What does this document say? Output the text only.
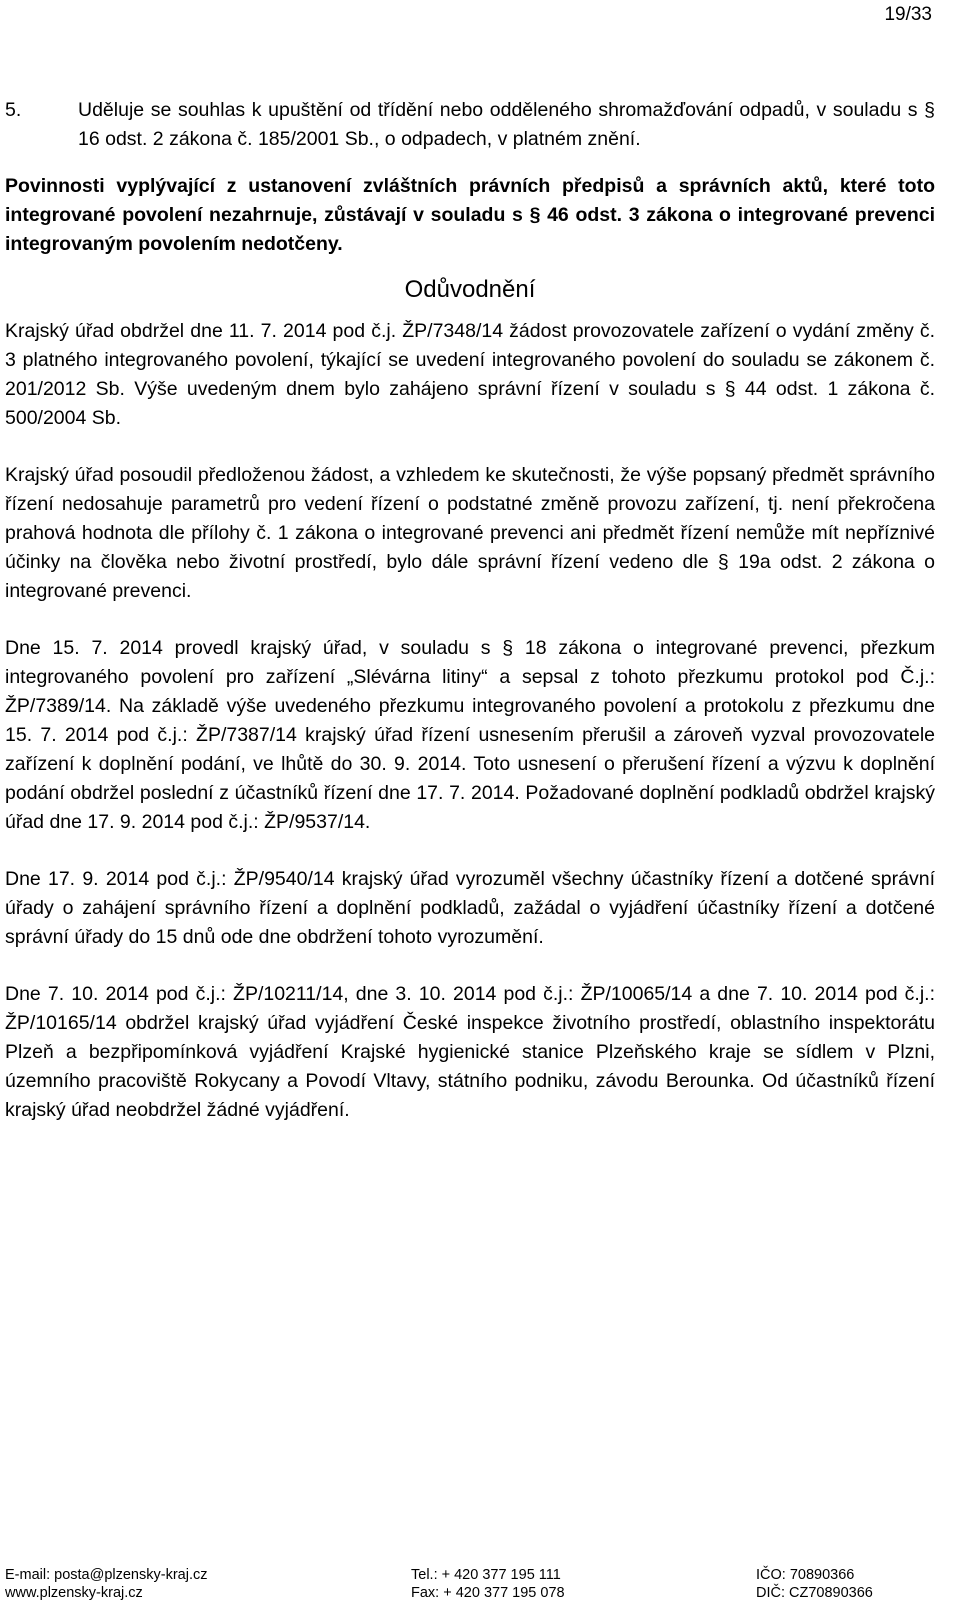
19/33
5.	Uděluje se souhlas k upuštění od třídění nebo odděleného shromažďování odpadů, v souladu s § 16 odst. 2 zákona č. 185/2001 Sb., o odpadech, v platném znění.

Povinnosti vyplývající z ustanovení zvláštních právních předpisů a správních aktů, které toto integrované povolení nezahrnuje, zůstávají v souladu s § 46 odst. 3 zákona o integrované prevenci integrovaným povolením nedotčeny.

Odůvodnění

Krajský úřad obdržel dne 11. 7. 2014 pod č.j. ŽP/7348/14 žádost provozovatele zařízení o vydání změny č. 3 platného integrovaného povolení, týkající se uvedení integrovaného povolení do souladu se zákonem č. 201/2012 Sb. Výše uvedeným dnem bylo zahájeno správní řízení v souladu s § 44 odst. 1 zákona č. 500/2004 Sb.

Krajský úřad posoudil předloženou žádost, a vzhledem ke skutečnosti, že výše popsaný předmět správního řízení nedosahuje parametrů pro vedení řízení o podstatné změně provozu zařízení, tj. není překročena prahová hodnota dle přílohy č. 1 zákona o integrované prevenci ani předmět řízení nemůže mít nepříznivé účinky na člověka nebo životní prostředí, bylo dále správní řízení vedeno dle § 19a odst. 2 zákona o integrované prevenci.

Dne 15. 7. 2014 provedl krajský úřad, v souladu s § 18 zákona o integrované prevenci, přezkum integrovaného povolení pro zařízení „Slévárna litiny“ a sepsal z tohoto přezkumu protokol pod Č.j.: ŽP/7389/14. Na základě výše uvedeného přezkumu integrovaného povolení a protokolu z přezkumu dne 15. 7. 2014 pod č.j.: ŽP/7387/14 krajský úřad řízení usnesením přerušil a zároveň vyzval provozovatele zařízení k doplnění podání, ve lhůtě do 30. 9. 2014. Toto usnesení o přerušení řízení a výzvu k doplnění podání obdržel poslední z účastníků řízení dne 17. 7. 2014. Požadované doplnění podkladů obdržel krajský úřad dne 17. 9. 2014 pod č.j.: ŽP/9537/14.

Dne 17. 9. 2014 pod č.j.: ŽP/9540/14 krajský úřad vyrozuměl všechny účastníky řízení a dotčené správní úřady o zahájení správního řízení a doplnění podkladů, zažádal o vyjádření účastníky řízení a dotčené správní úřady do 15 dnů ode dne obdržení tohoto vyrozumění.

Dne 7. 10. 2014 pod č.j.: ŽP/10211/14, dne 3. 10. 2014 pod č.j.: ŽP/10065/14 a dne 7. 10. 2014 pod č.j.: ŽP/10165/14 obdržel krajský úřad vyjádření České inspekce životního prostředí, oblastního inspektorátu Plzeň a bezpřipomínková vyjádření Krajské hygienické stanice Plzeňského kraje se sídlem v Plzni, územního pracoviště Rokycany a Povodí Vltavy, státního podniku, závodu Berounka. Od účastníků řízení krajský úřad neobdržel žádné vyjádření.

E-mail: posta@plzensky-kraj.cz
www.plzensky-kraj.cz
Tel.: + 420 377 195 111
Fax: + 420 377 195 078
IČO: 70890366
DIČ: CZ70890366
